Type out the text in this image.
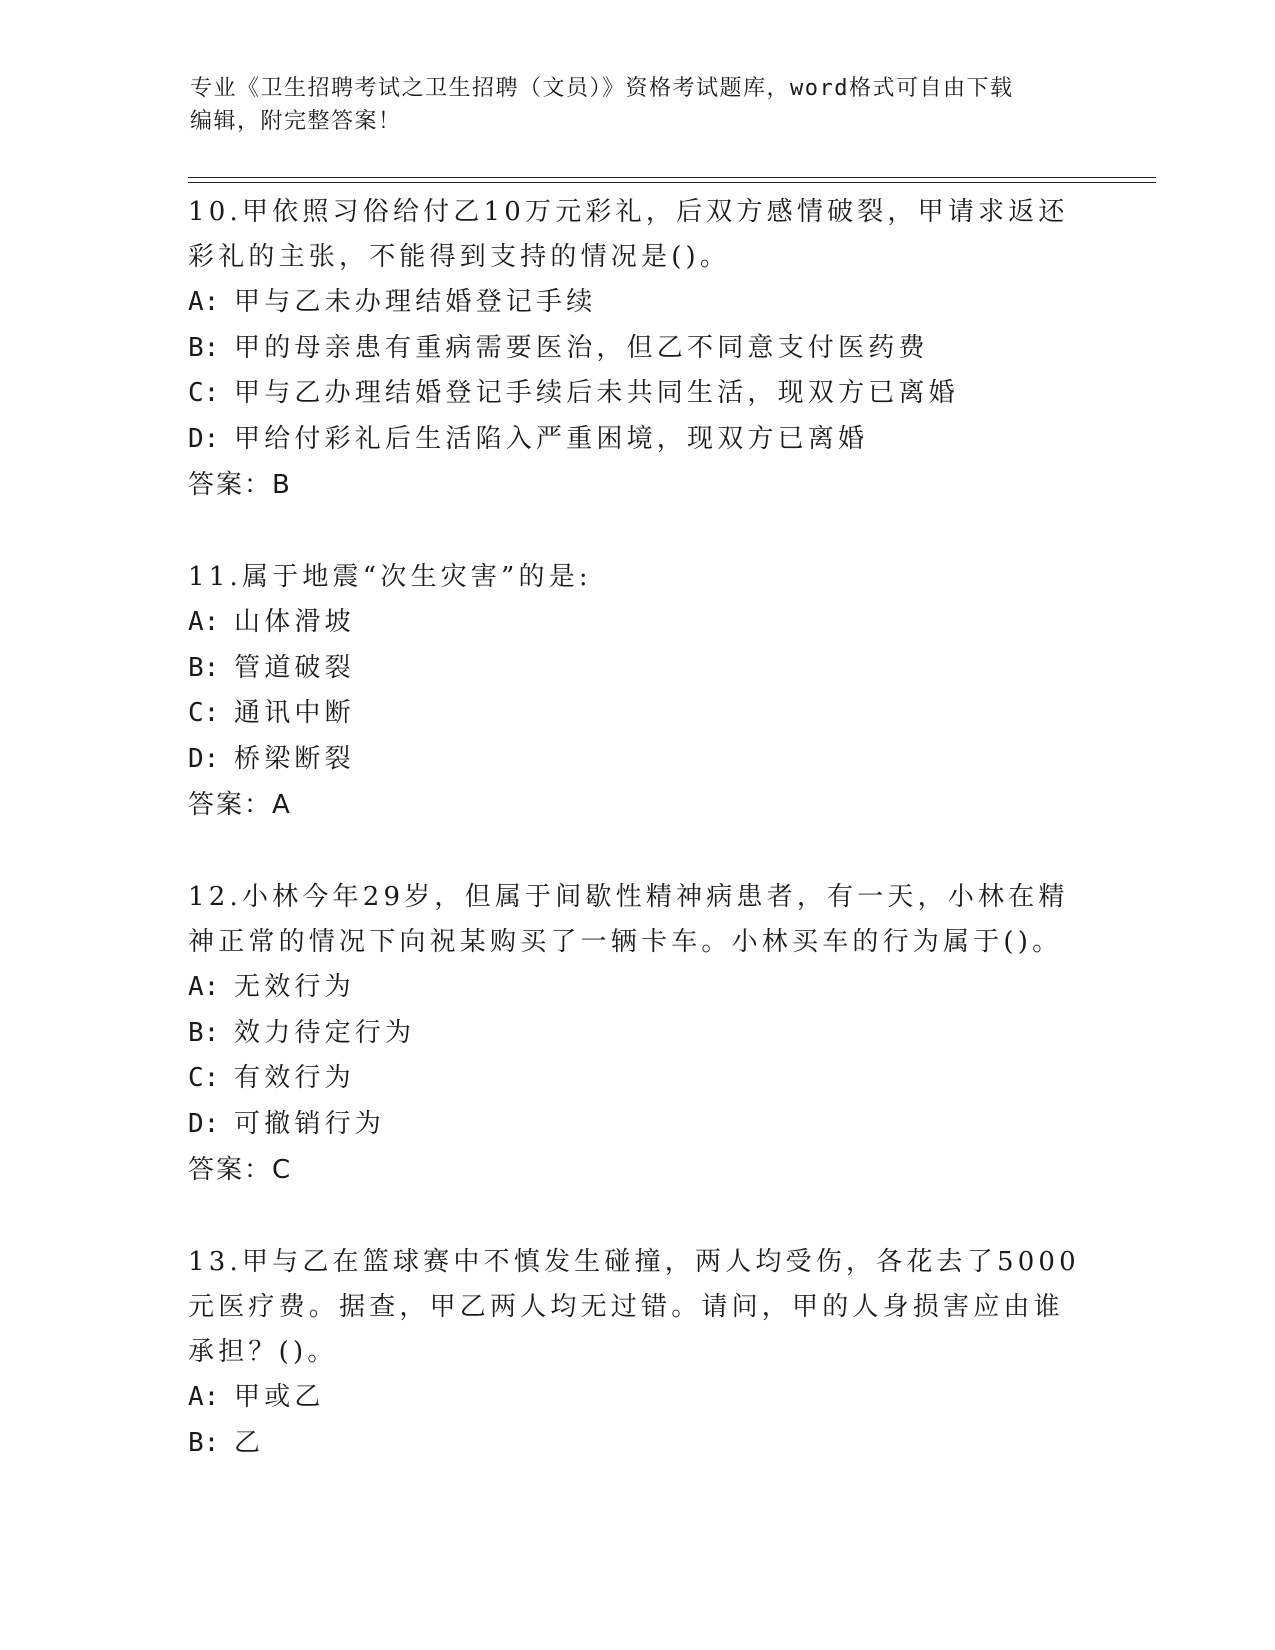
专业《卫生招聘考试之卫生招聘（文员）》资格考试题库，word格式可自由下载
编辑，附完整答案！
10.甲依照习俗给付乙10万元彩礼，后双方感情破裂，甲请求返还彩礼的主张，不能得到支持的情况是()。
A: 甲与乙未办理结婚登记手续
B: 甲的母亲患有重病需要医治，但乙不同意支付医药费
C: 甲与乙办理结婚登记手续后未共同生活，现双方已离婚
D: 甲给付彩礼后生活陷入严重困境，现双方已离婚
答案：B
11.属于地震“次生灾害”的是:
A: 山体滑坡
B: 管道破裂
C: 通讯中断
D: 桥梁断裂
答案：A
12.小林今年29岁，但属于间歇性精神病患者，有一天，小林在精神正常的情况下向祝某购买了一辆卡车。小林买车的行为属于()。
A: 无效行为
B: 效力待定行为
C: 有效行为
D: 可撤销行为
答案：C
13.甲与乙在篮球赛中不慎发生碰撞，两人均受伤，各花去了5000元医疗费。据查，甲乙两人均无过错。请问，甲的人身损害应由谁承担？()。
A: 甲或乙
B: 乙
